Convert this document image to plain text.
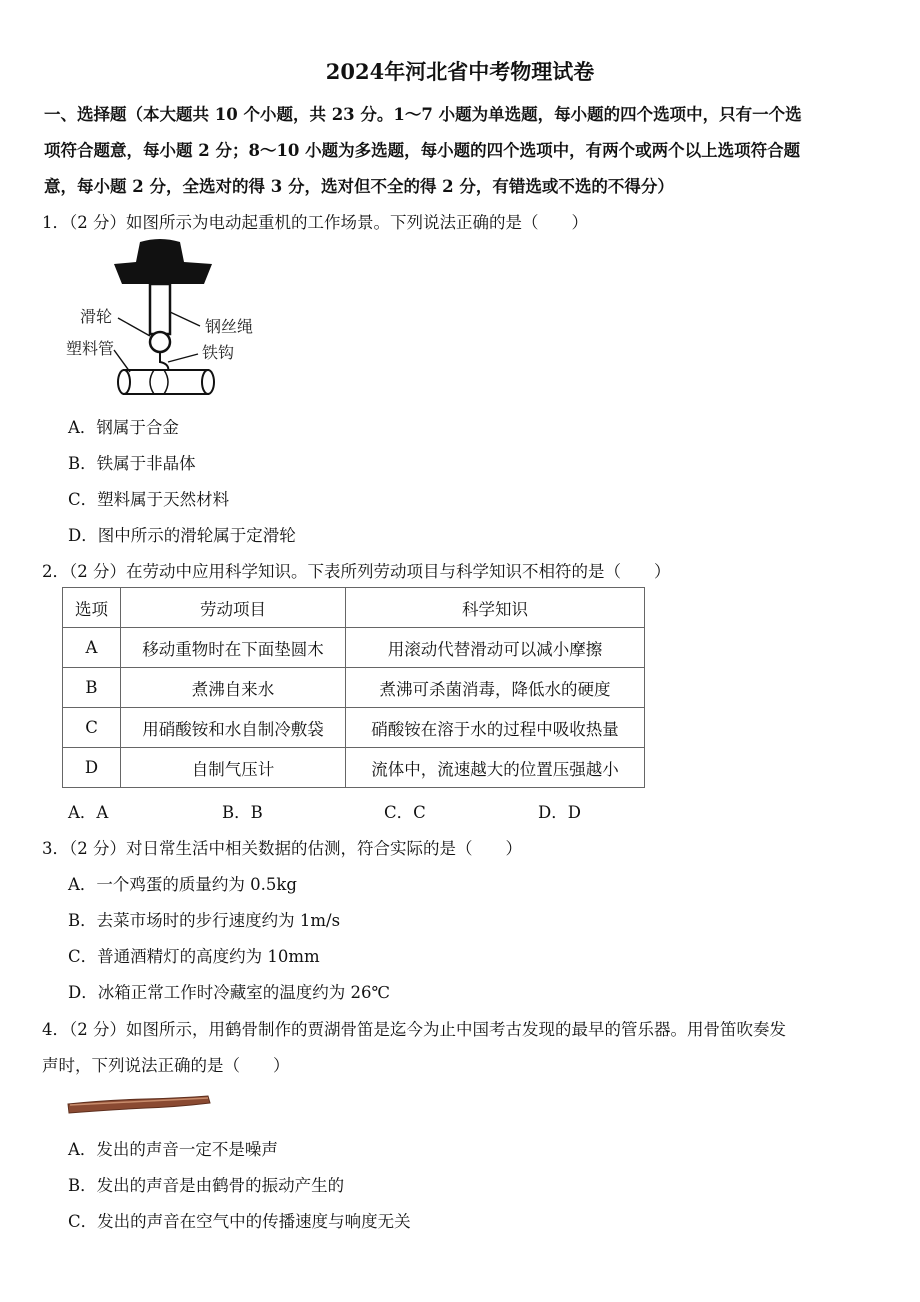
2024年河北省中考物理试卷
一、选择题（本大题共 10 个小题，共 23 分。1～7 小题为单选题，每小题的四个选项中，只有一个选
项符合题意，每小题 2 分；8～10 小题为多选题，每小题的四个选项中，有两个或两个以上选项符合题
意，每小题 2 分，全选对的得 3 分，选对但不全的得 2 分，有错选或不选的不得分）
1．（2 分）如图所示为电动起重机的工作场景。下列说法正确的是（　　）
滑轮
钢丝绳
塑料管	铁钩
A．钢属于合金
B．铁属于非晶体
C．塑料属于天然材料
D．图中所示的滑轮属于定滑轮
2．（2 分）在劳动中应用科学知识。下表所列劳动项目与科学知识不相符的是（　　）
选项	劳动项目	科学知识
A	移动重物时在下面垫圆木	用滚动代替滑动可以减小摩擦
B	煮沸自来水	煮沸可杀菌消毒，降低水的硬度
C	用硝酸铵和水自制冷敷袋	硝酸铵在溶于水的过程中吸收热量
D	自制气压计	流体中，流速越大的位置压强越小
A．A	B．B	C．C	D．D
3．（2 分）对日常生活中相关数据的估测，符合实际的是（　　）
A．一个鸡蛋的质量约为 0.5kg
B．去菜市场时的步行速度约为 1m/s
C．普通酒精灯的高度约为 10mm
D．冰箱正常工作时冷藏室的温度约为 26℃
4．（2 分）如图所示，用鹤骨制作的贾湖骨笛是迄今为止中国考古发现的最早的管乐器。用骨笛吹奏发
声时，下列说法正确的是（　　）
A．发出的声音一定不是噪声
B．发出的声音是由鹤骨的振动产生的
C．发出的声音在空气中的传播速度与响度无关
